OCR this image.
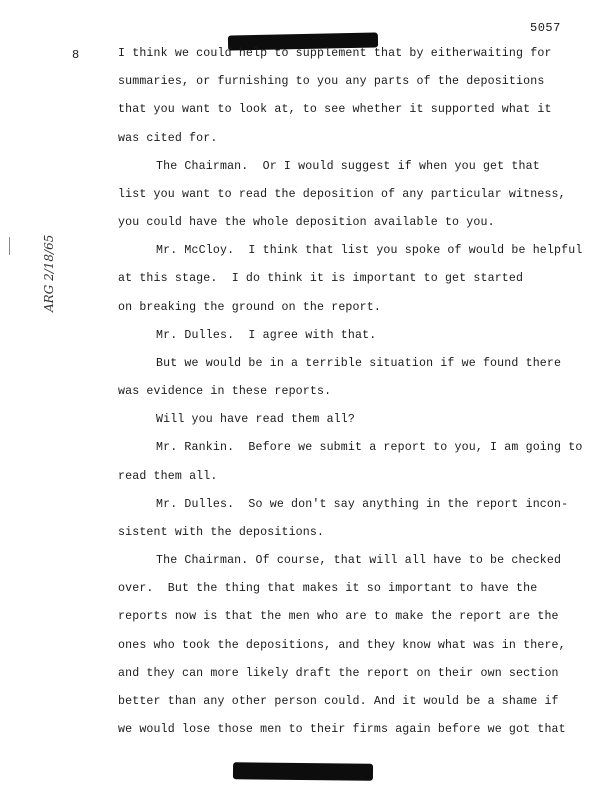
5057
8
ARG 2/18/65
I think we could help to supplement that by eitherwaiting for
summaries, or furnishing to you any parts of the depositions
that you want to look at, to see whether it supported what it
was cited for.
The Chairman.  Or I would suggest if when you get that
list you want to read the deposition of any particular witness,
you could have the whole deposition available to you.
Mr. McCloy.  I think that list you spoke of would be helpful
at this stage.  I do think it is important to get started
on breaking the ground on the report.
Mr. Dulles.  I agree with that.
But we would be in a terrible situation if we found there
was evidence in these reports.
Will you have read them all?
Mr. Rankin.  Before we submit a report to you, I am going to
read them all.
Mr. Dulles.  So we don't say anything in the report incon-
sistent with the depositions.
The Chairman. Of course, that will all have to be checked
over.  But the thing that makes it so important to have the
reports now is that the men who are to make the report are the
ones who took the depositions, and they know what was in there,
and they can more likely draft the report on their own section
better than any other person could. And it would be a shame if
we would lose those men to their firms again before we got that
